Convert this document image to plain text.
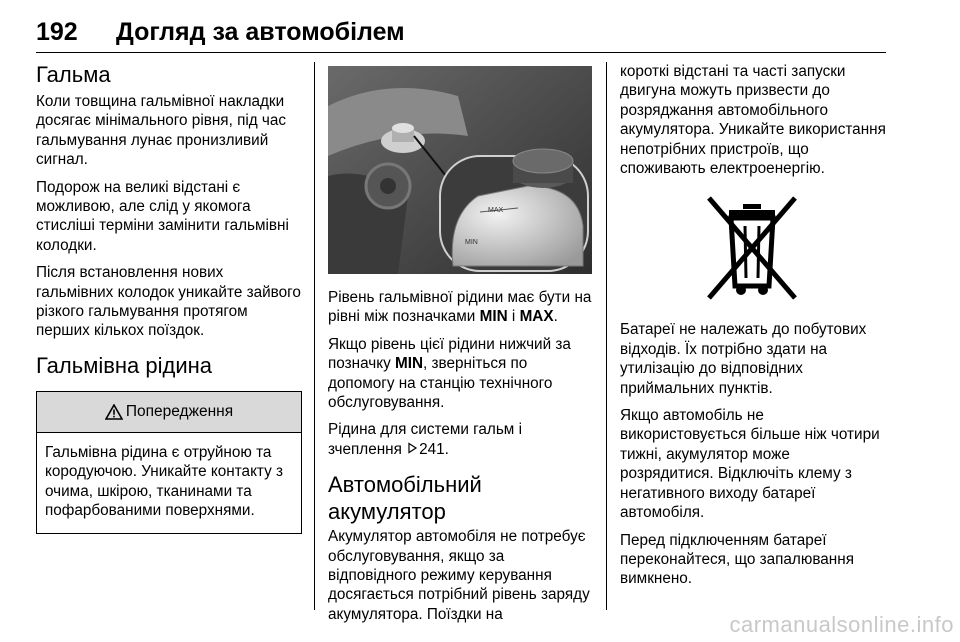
192 Догляд за автомобілем
Гальма

Коли товщина гальмівної накладки досягає мінімального рівня, під час гальмування лунає пронизливий сигнал.

Подорож на великі відстані є можливою, але слід у якомога стисліші терміни замінити гальмівні колодки.

Після встановлення нових гальмівних колодок уникайте зайвого різкого гальмування протягом перших кількох поїздок.

Гальмівна рідина
Попередження
Гальмівна рідина є отруйною та кородуючою. Уникайте контакту з очима, шкірою, тканинами та пофарбованими поверхнями.
MAX
MIN

Рівень гальмівної рідини має бути на рівні між позначками MIN і MAX.

Якщо рівень цієї рідини нижчий за позначку MIN, зверніться по допомогу на станцію технічного обслуговування.

Рідина для системи гальм і зчеплення 241.

Автомобільний акумулятор

Акумулятор автомобіля не потребує обслуговування, якщо за відповідного режиму керування досягається потрібний рівень заряду акумулятора. Поїздки на

короткі відстані та часті запуски двигуна можуть призвести до розряджання автомобільного акумулятора. Уникайте використання непотрібних пристроїв, що споживають електроенергію.

Батареї не належать до побутових відходів. Їх потрібно здати на утилізацію до відповідних приймальних пунктів.

Якщо автомобіль не використовується більше ніж чотири тижні, акумулятор може розрядитися. Відключіть клему з негативного виходу батареї автомобіля.

Перед підключенням батареї переконайтеся, що запалювання вимкнено.

carmanualsonline.info
